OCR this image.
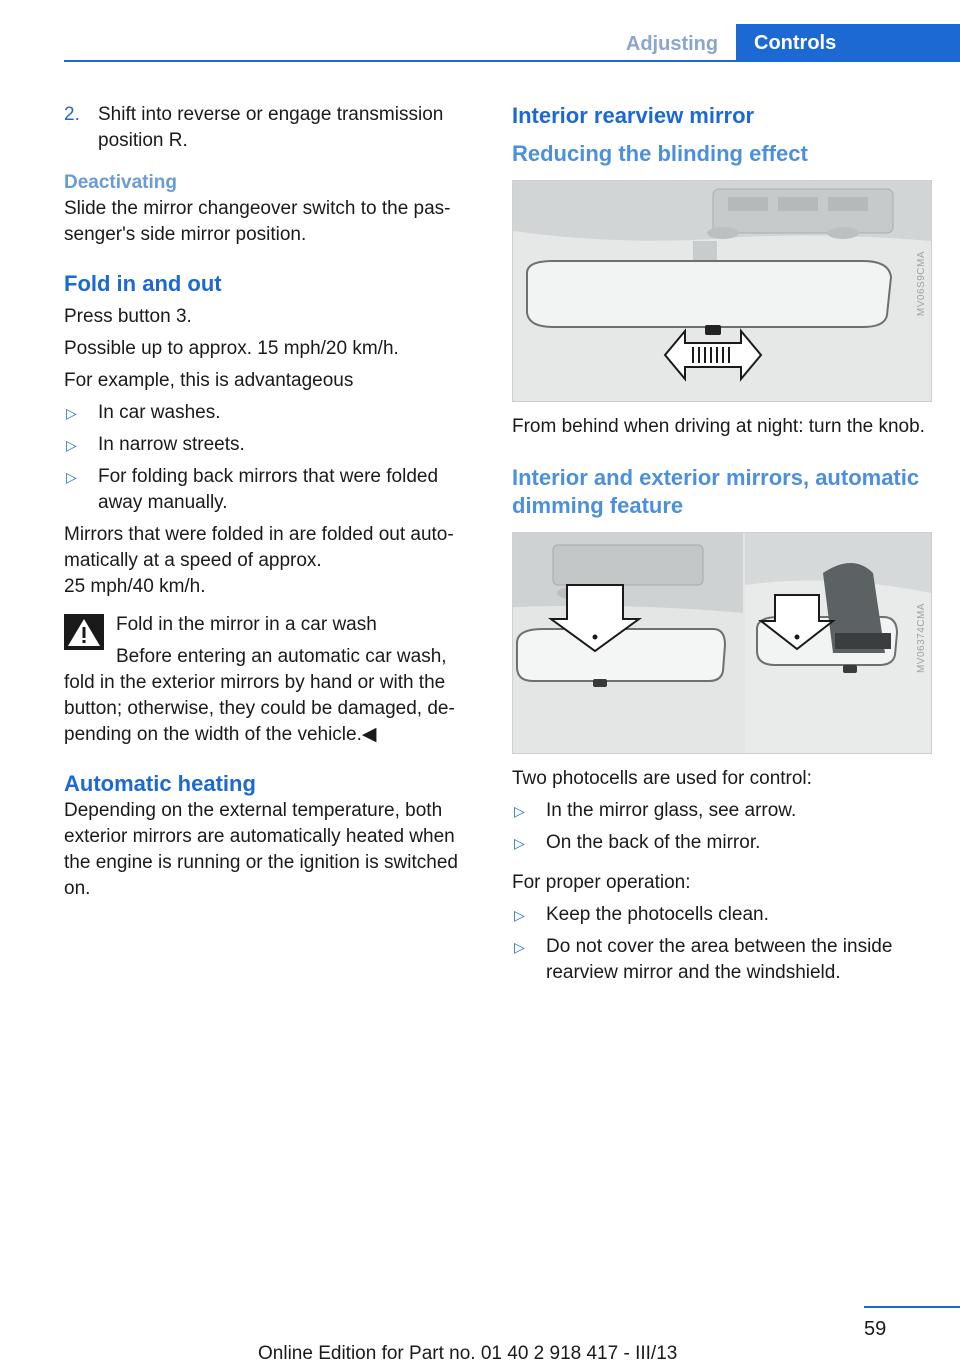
Adjusting	Controls
2. Shift into reverse or engage transmission position R.

Deactivating

Slide the mirror changeover switch to the pas‐senger's side mirror position.

Fold in and out

Press button 3.

Possible up to approx. 15 mph/20 km/h.

For example, this is advantageous

▷ In car washes.
▷ In narrow streets.
▷ For folding back mirrors that were folded away manually.

Mirrors that were folded in are folded out auto‐matically at a speed of approx.

25 mph/40 km/h.

Fold in the mirror in a car wash

Before entering an automatic car wash, fold in the exterior mirrors by hand or with the button; otherwise, they could be damaged, de‐pending on the width of the vehicle.◀

Automatic heating

Depending on the external temperature, both exterior mirrors are automatically heated when the engine is running or the ignition is switched on.

Interior rearview mirror

Reducing the blinding effect

MV06S9CMA

From behind when driving at night: turn the knob.

Interior and exterior mirrors, automatic dimming feature

MV06374CMA

Two photocells are used for control:

▷ In the mirror glass, see arrow.
▷ On the back of the mirror.

For proper operation:

▷ Keep the photocells clean.
▷ Do not cover the area between the inside rearview mirror and the windshield.
59
Online Edition for Part no. 01 40 2 918 417 - III/13
